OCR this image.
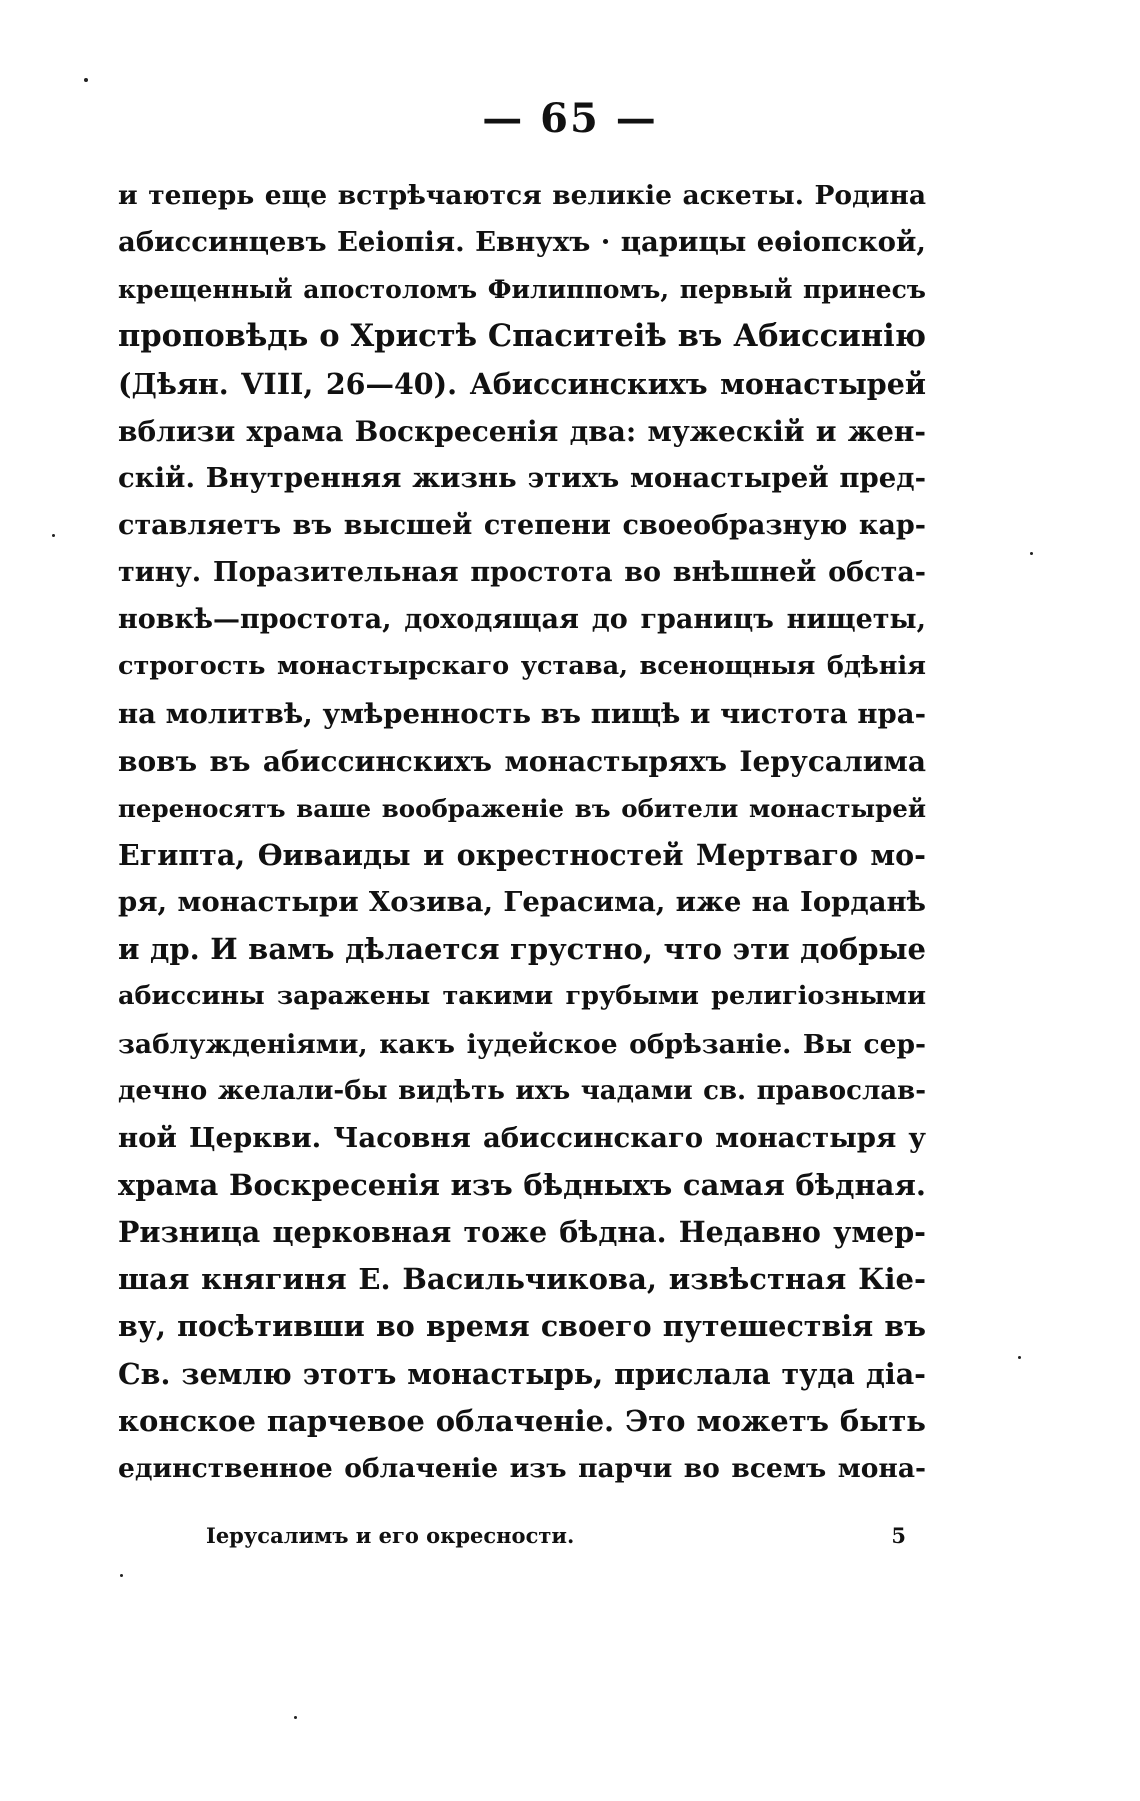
— 65 —
и теперь еще встрѣчаются великіе аскеты. Родина
абиссинцевъ Ееіопія. Евнухъ · царицы еѳіопской,
крещенный апостоломъ Филиппомъ, первый принесъ
проповѣдь о Христѣ Спаситеіѣ въ Абиссинію
(Дѣян. VIII, 26—40). Абиссинскихъ монастырей
вблизи храма Воскресенія два: мужескій и жен-
скій. Внутренняя жизнь этихъ монастырей пред-
ставляетъ въ высшей степени своеобразную кар-
тину. Поразительная простота во внѣшней обста-
новкѣ—простота, доходящая до границъ нищеты,
строгость монастырскаго устава, всенощныя бдѣнія
на молитвѣ, умѣренность въ пищѣ и чистота нра-
вовъ въ абиссинскихъ монастыряхъ Іерусалима
переносятъ ваше воображеніе въ обители монастырей
Египта, Ѳиваиды и окрестностей Мертваго мо-
ря, монастыри Хозива, Герасима, иже на Іорданѣ
и др. И вамъ дѣлается грустно, что эти добрые
абиссины заражены такими грубыми религіозными
заблужденіями, какъ іудейское обрѣзаніе. Вы сер-
дечно желали-бы видѣть ихъ чадами св. православ-
ной Церкви. Часовня абиссинскаго монастыря у
храма Воскресенія изъ бѣдныхъ самая бѣдная.
Ризница церковная тоже бѣдна. Недавно умер-
шая княгиня Е. Васильчикова, извѣстная Кіе-
ву, посѣтивши во время своего путешествія въ
Св. землю этотъ монастырь, прислала туда діа-
конское парчевое облаченіе. Это можетъ быть
единственное облаченіе изъ парчи во всемъ мона-
Іерусалимъ и его окресности.	5
